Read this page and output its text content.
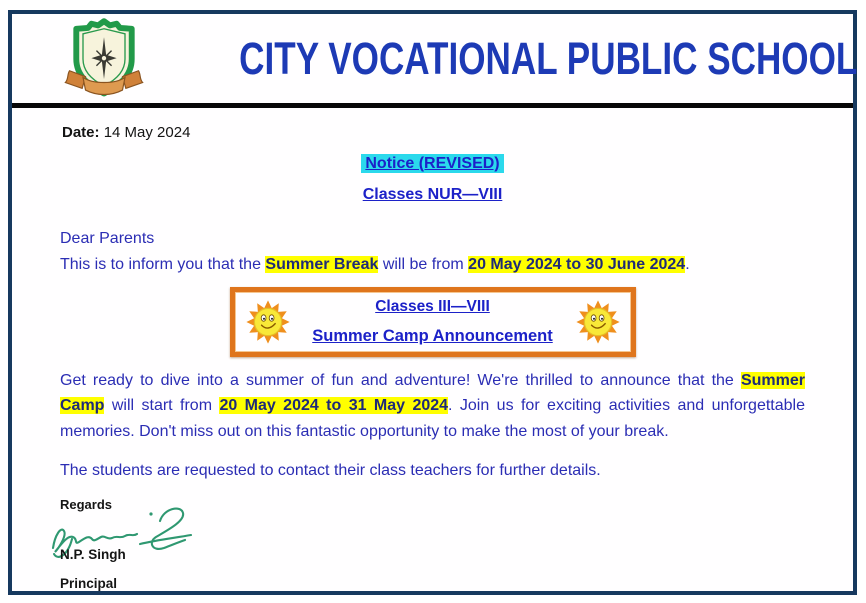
CITY VOCATIONAL PUBLIC SCHOOL
Date: 14 May 2024
Notice (REVISED)
Classes NUR—VIII
Dear Parents
This is to inform you that the Summer Break will be from 20 May 2024 to 30 June 2024.
Classes III—VIII
Summer Camp Announcement
Get ready to dive into a summer of fun and adventure! We're thrilled to announce that the Summer Camp will start from 20 May 2024 to 31 May 2024. Join us for exciting activities and unforgettable memories. Don't miss out on this fantastic opportunity to make the most of your break.
The students are requested to contact their class teachers for further details.
Regards
N.P. Singh
Principal
